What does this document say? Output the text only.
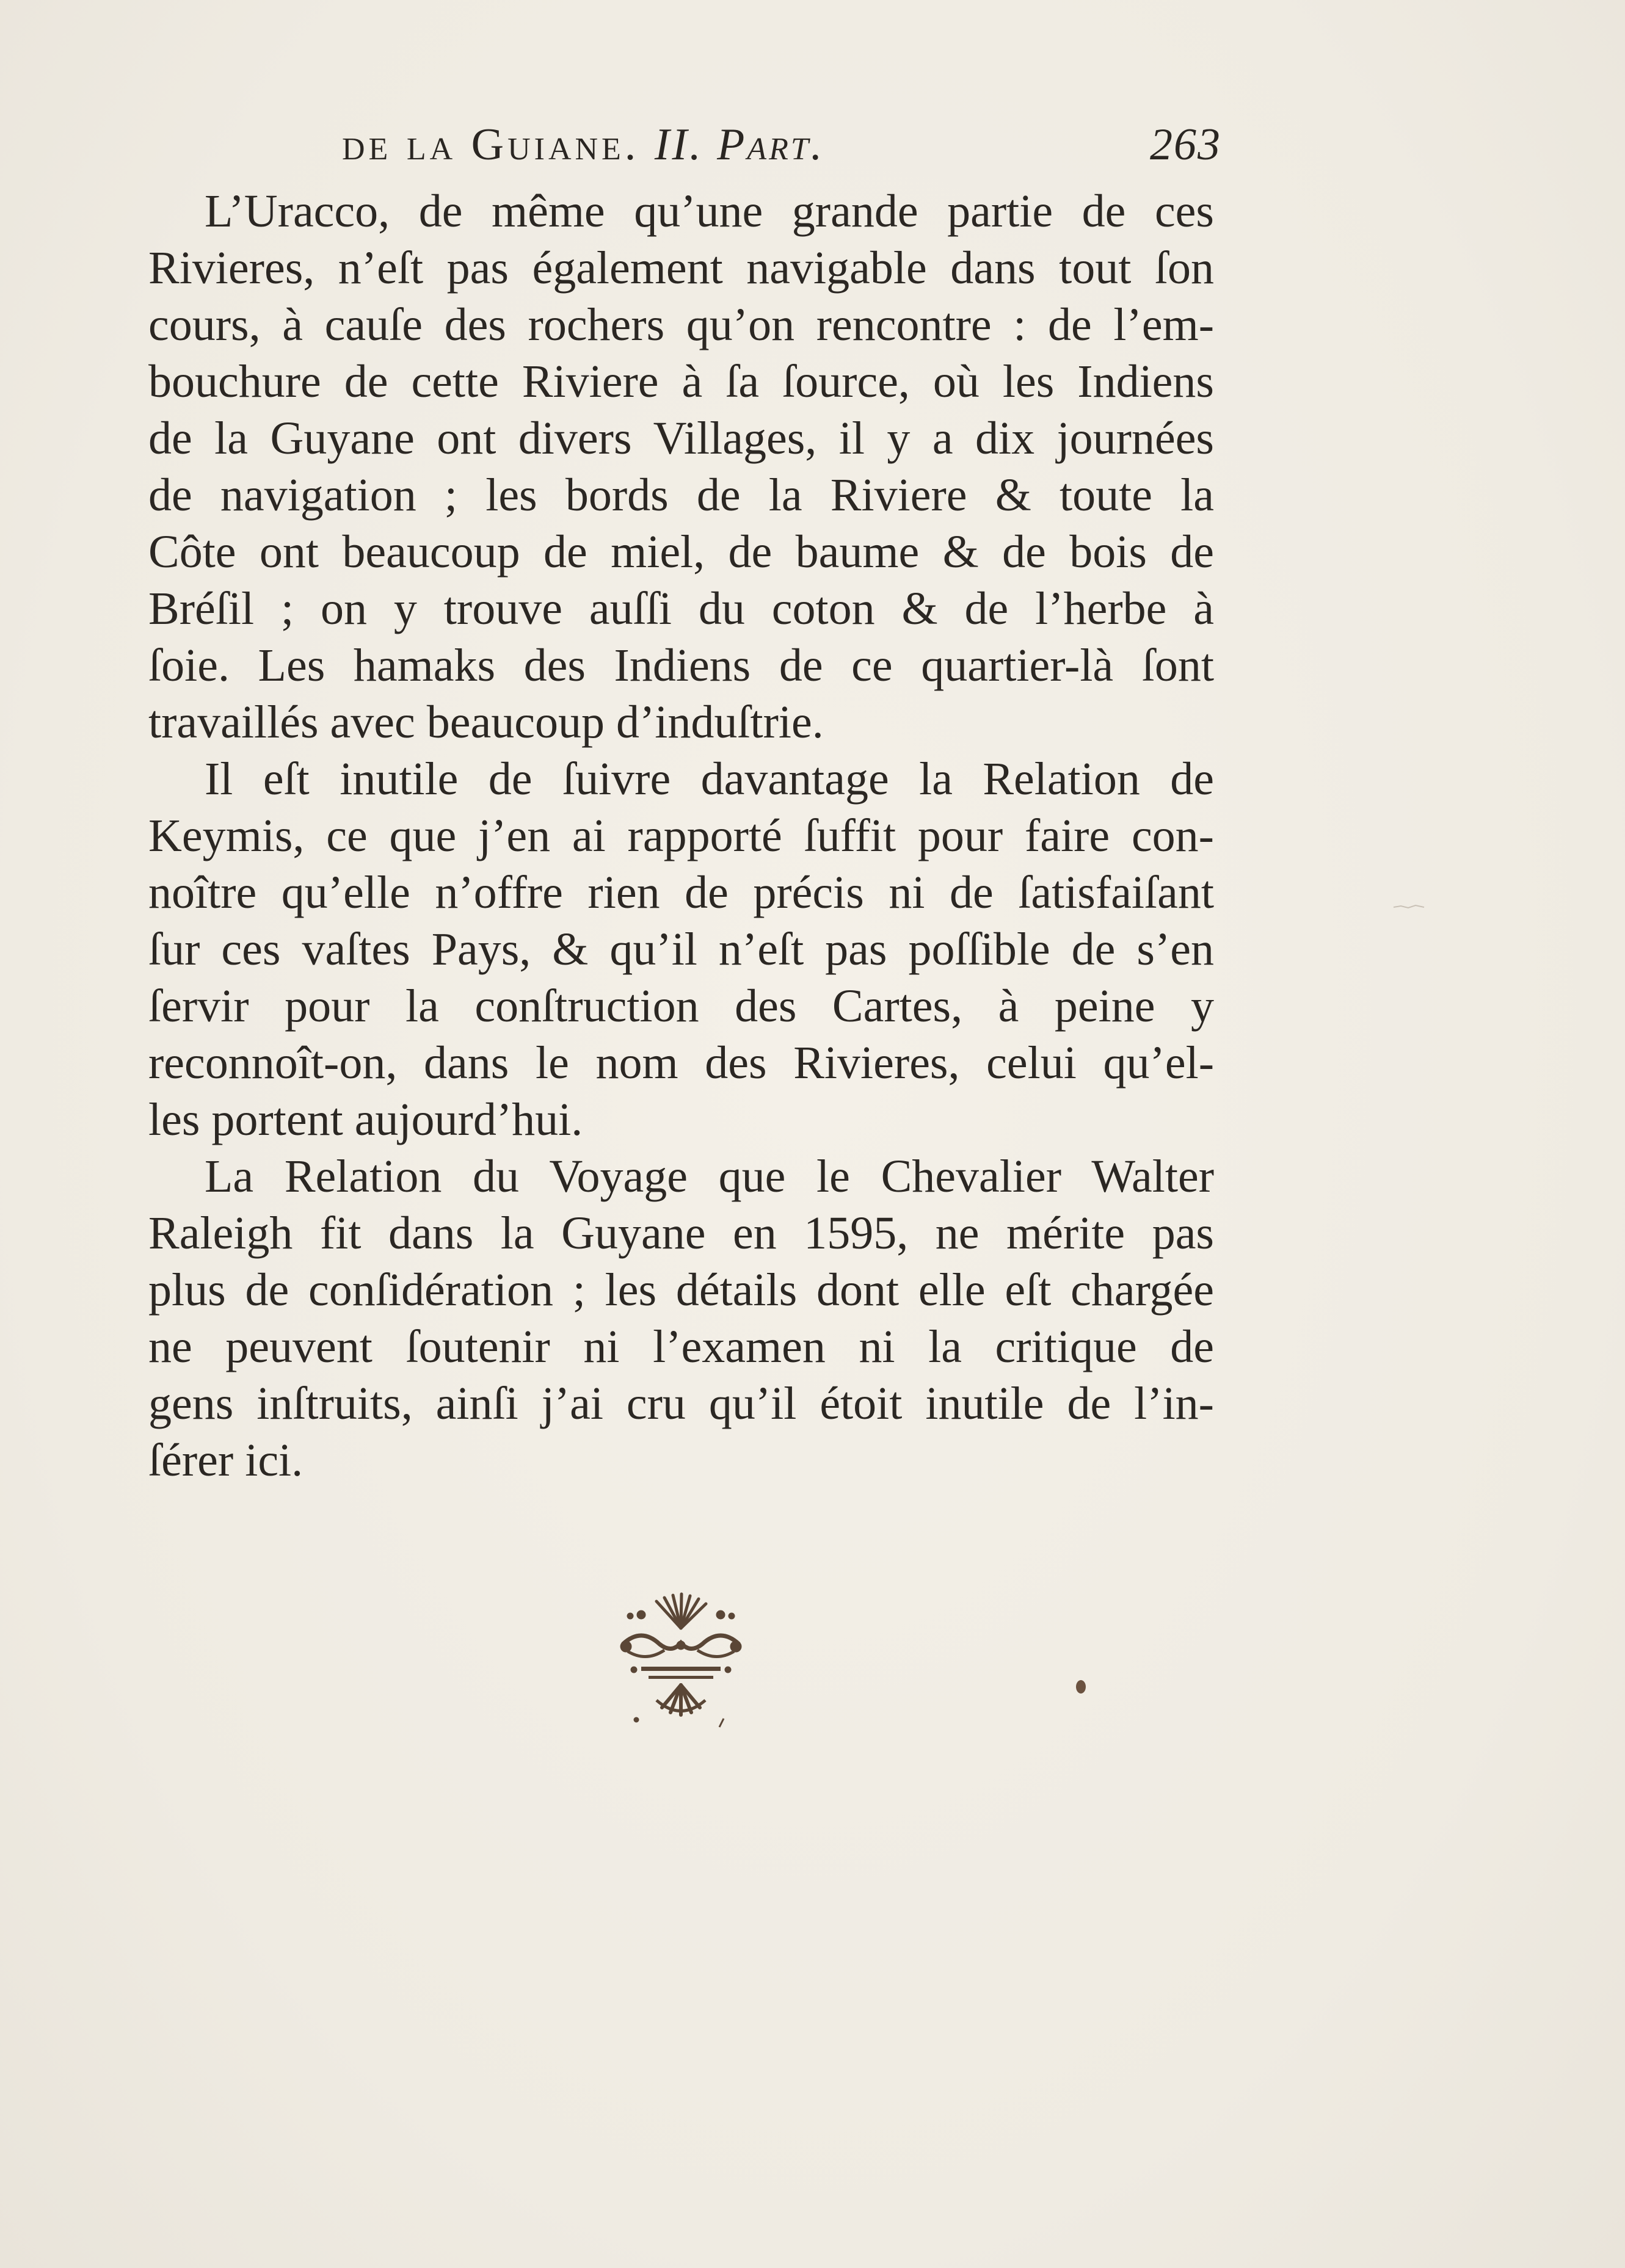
de la Guiane. II. Part.	263
L’Uracco, de même qu’une grande partie de ces
Rivieres, n’eſt pas également navigable dans tout ſon
cours, à cauſe des rochers qu’on rencontre : de l’em-
bouchure de cette Riviere à ſa ſource, où les Indiens
de la Guyane ont divers Villages, il y a dix journées
de navigation ; les bords de la Riviere & toute la
Côte ont beaucoup de miel, de baume & de bois de
Bréſil ; on y trouve auſſi du coton & de l’herbe à
ſoie. Les hamaks des Indiens de ce quartier-là ſont
travaillés avec beaucoup d’induſtrie.
Il eſt inutile de ſuivre davantage la Relation de
Keymis, ce que j’en ai rapporté ſuffit pour faire con-
noître qu’elle n’offre rien de précis ni de ſatisfaiſant
ſur ces vaſtes Pays, & qu’il n’eſt pas poſſible de s’en
ſervir pour la conſtruction des Cartes, à peine y
reconnoît-on, dans le nom des Rivieres, celui qu’el-
les portent aujourd’hui.
La Relation du Voyage que le Chevalier Walter
Raleigh fit dans la Guyane en 1595, ne mérite pas
plus de conſidération ; les détails dont elle eſt chargée
ne peuvent ſoutenir ni l’examen ni la critique de
gens inſtruits, ainſi j’ai cru qu’il étoit inutile de l’in-
ſérer ici.
